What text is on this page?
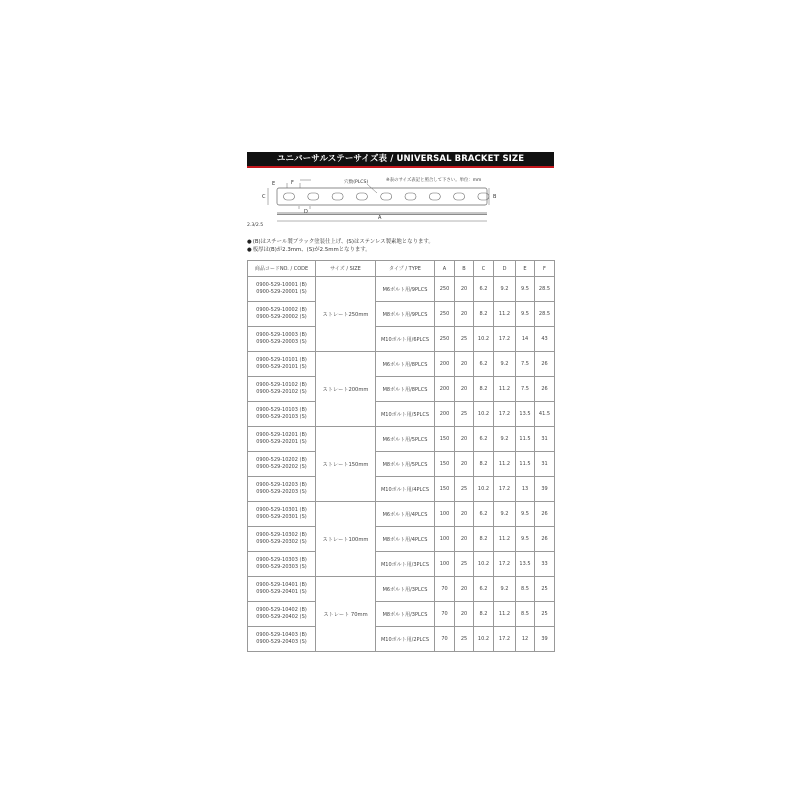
ユニバーサルステーサイズ表 / UNIVERSAL BRACKET SIZE
E	F
C
D
B
A
2.3/2.5
穴数(PLCS)	※表のサイズ表記と照合して下さい。単位：mm
●(B)はスチール製ブラック塗装仕上げ、(S)はステンレス製素地となります。
●板厚は(B)が2.3mm、(S)が2.5mmとなります。
商品コードNO. / CODE	サイズ / SIZE	タイプ / TYPE	A	B	C	D	E	F

0900-529-10001 (B)
0900-529-20001 (S)	ストレート250mm	M6ボルト用/9PLCS	250	20	6.2	9.2	9.5	28.5

0900-529-10002 (B)
0900-529-20002 (S)		M8ボルト用/9PLCS	250	20	8.2	11.2	9.5	28.5

0900-529-10003 (B)
0900-529-20003 (S)		M10ボルト用/6PLCS	250	25	10.2	17.2	14	43

0900-529-10101 (B)
0900-529-20101 (S)	ストレート200mm	M6ボルト用/8PLCS	200	20	6.2	9.2	7.5	26

0900-529-10102 (B)
0900-529-20102 (S)		M8ボルト用/8PLCS	200	20	8.2	11.2	7.5	26

0900-529-10103 (B)
0900-529-20103 (S)		M10ボルト用/5PLCS	200	25	10.2	17.2	13.5	41.5

0900-529-10201 (B)
0900-529-20201 (S)	ストレート150mm	M6ボルト用/5PLCS	150	20	6.2	9.2	11.5	31

0900-529-10202 (B)
0900-529-20202 (S)		M8ボルト用/5PLCS	150	20	8.2	11.2	11.5	31

0900-529-10203 (B)
0900-529-20203 (S)		M10ボルト用/4PLCS	150	25	10.2	17.2	13	39

0900-529-10301 (B)
0900-529-20301 (S)	ストレート100mm	M6ボルト用/4PLCS	100	20	6.2	9.2	9.5	26

0900-529-10302 (B)
0900-529-20302 (S)		M8ボルト用/4PLCS	100	20	8.2	11.2	9.5	26

0900-529-10303 (B)
0900-529-20303 (S)		M10ボルト用/3PLCS	100	25	10.2	17.2	13.5	33

0900-529-10401 (B)
0900-529-20401 (S)	ストレート 70mm	M6ボルト用/3PLCS	70	20	6.2	9.2	8.5	25

0900-529-10402 (B)
0900-529-20402 (S)		M8ボルト用/3PLCS	70	20	8.2	11.2	8.5	25

0900-529-10403 (B)
0900-529-20403 (S)		M10ボルト用/2PLCS	70	25	10.2	17.2	12	39
